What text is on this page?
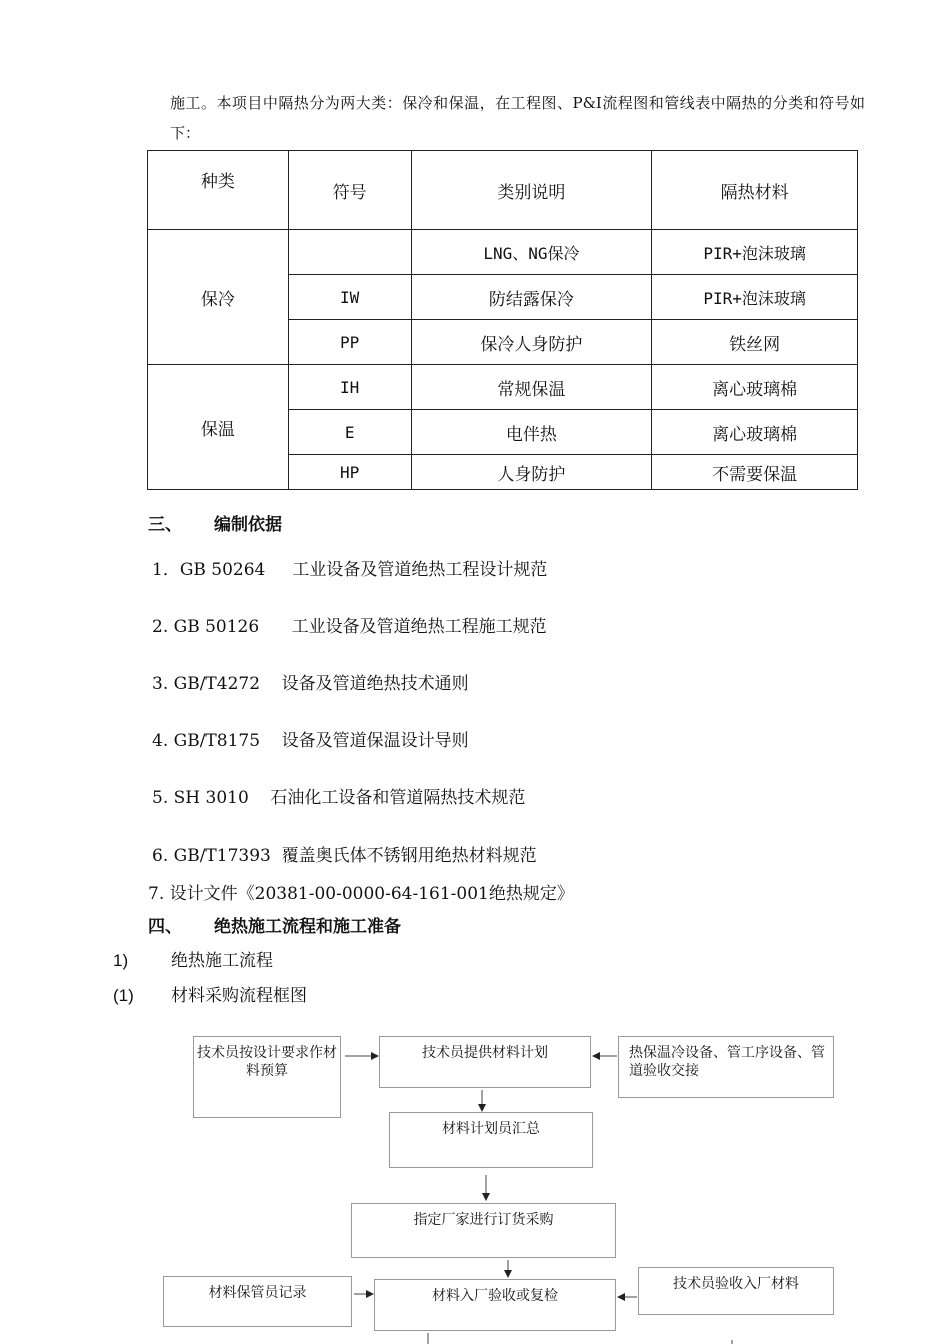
施工。本项目中隔热分为两大类：保冷和保温，在工程图、P&I流程图和管线表中隔热的分类和符号如下：
种类	符号	类别说明	隔热材料
保冷		LNG、NG保冷	PIR+泡沫玻璃
	IW	防结露保冷	PIR+泡沫玻璃
	PP	保冷人身防护	铁丝网
保温	IH	常规保温	离心玻璃棉
	E	电伴热	离心玻璃棉
	HP	人身防护	不需要保温
三、 编制依据
1．GB 50264     工业设备及管道绝热工程设计规范
2. GB 50126      工业设备及管道绝热工程施工规范
3. GB/T4272    设备及管道绝热技术通则
4. GB/T8175    设备及管道保温设计导则
5. SH 3010    石油化工设备和管道隔热技术规范
6. GB/T17393  覆盖奥氏体不锈钢用绝热材料规范
7. 设计文件《20381-00-0000-64-161-001绝热规定》
四、 绝热施工流程和施工准备
1)	绝热施工流程
(1) 材料采购流程框图
技术员按设计要求作材料预算
技术员提供材料计划	热保温冷设备、管工序设备、管道验收交接
材料计划员汇总
指定厂家进行订货采购
材料保管员记录	材料入厂验收或复检
技术员验收入厂材料
